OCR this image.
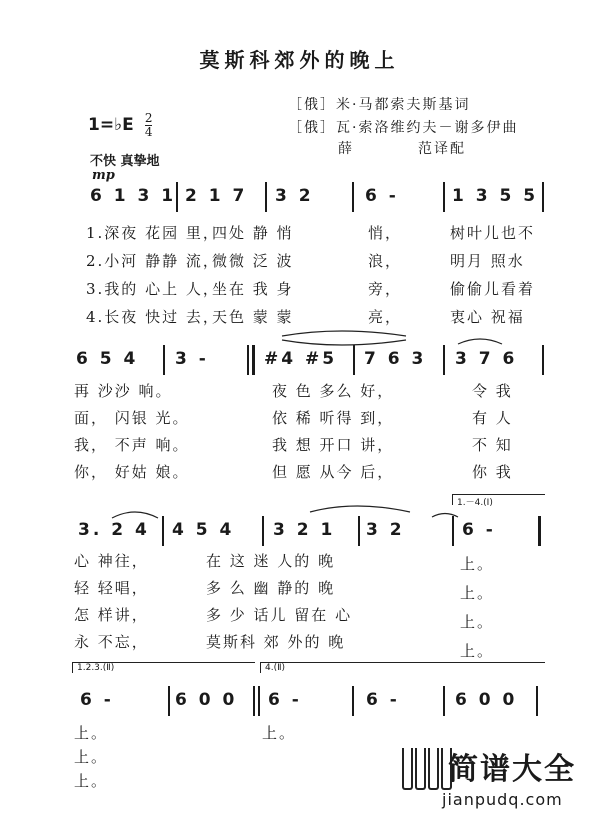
莫斯科郊外的晚上
［俄］米·马都索夫斯基词
［俄］瓦·索洛维约夫－谢多伊曲
薛　　　　范译配
1=♭E $\frac{2}{4}$
不快 真挚地
mp
6 1 3 1 2 1 7 3 2	6 -	1 3 5 5
1.深夜 花园 里，
四处 静 悄	悄，	树叶儿也不
2.小河 静静 流，
微微 泛 波	浪，	明月 照水
3.我的 心上 人，
坐在 我 身	旁，	偷偷儿看着
4.长夜 快过 去，
天色 蒙 蒙	亮，	衷心 祝福
6 5 4 3 -	#4 #5 7 6 3 3 7 6
再 沙沙 响。	夜 色 多么 好，	令 我
面， 闪银 光。	依 稀 听得 到，	有 人
我， 不声 响。	我 想 开口 讲，	不 知
你， 好姑 娘。	但 愿 从今 后，	你 我
1.－4.(Ⅰ)
3. 2 4 4 5 4 3 2 1 3 2	6 -
心 神往，	在 这 迷 人的 晚	上。
轻 轻唱，	多 么 幽 静的 晚	上。
怎 样讲，	多 少 话儿 留在 心	上。
永 不忘，	莫斯科 郊 外的 晚	上。
1.2.3.(Ⅱ)	4.(Ⅱ)
6 -	6 0 0 6 -	6 -	6 0 0
上。
上。
上。
上。
简谱大全
jianpudq.com
